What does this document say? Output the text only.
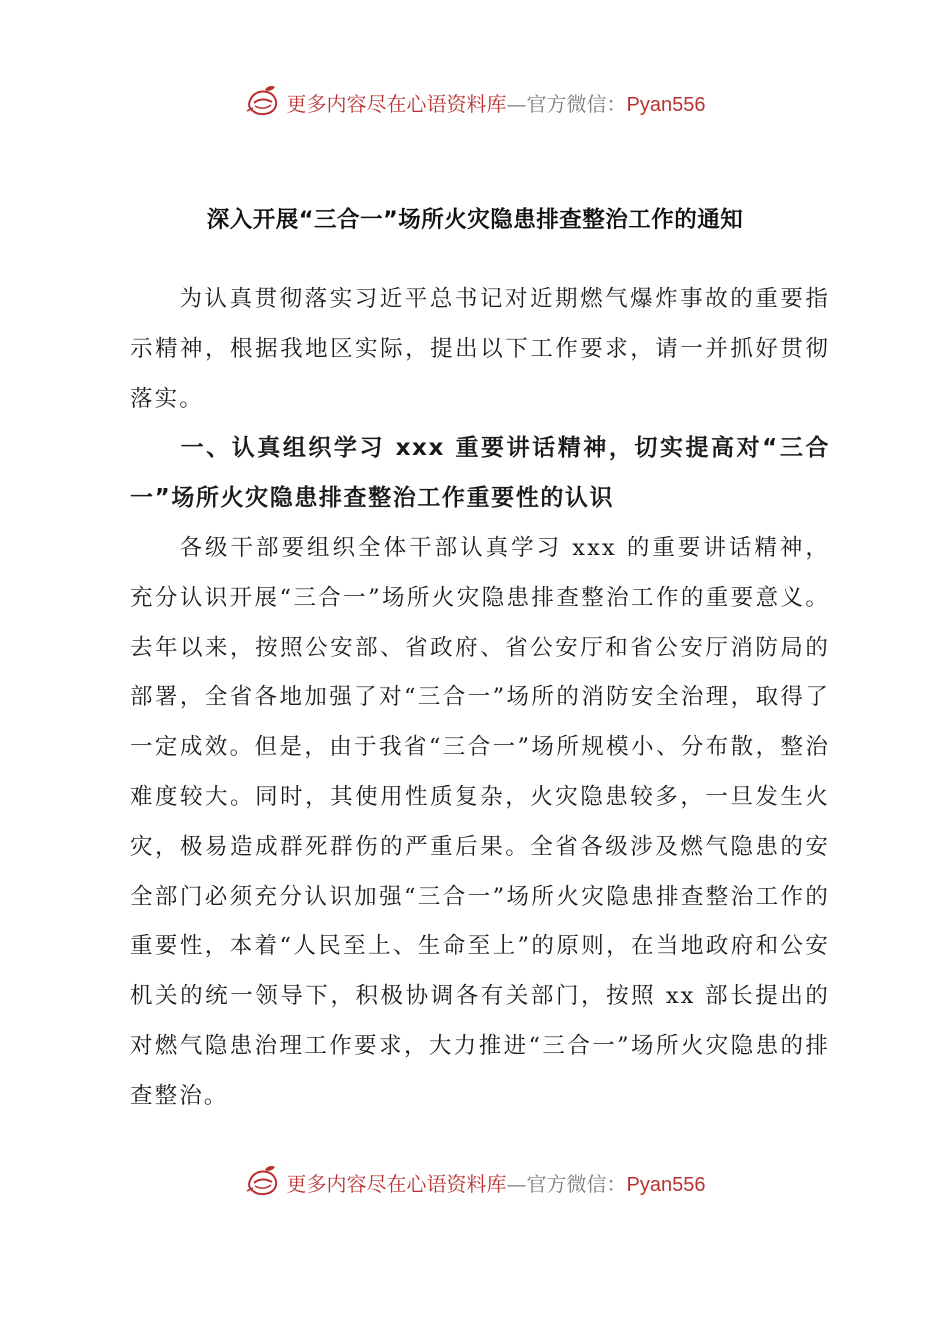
更多内容尽在心语资料库—官方微信：Pyan556
深入开展“三合一”场所火灾隐患排查整治工作的通知

为认真贯彻落实习近平总书记对近期燃气爆炸事故的重要指示精神，根据我地区实际，提出以下工作要求，请一并抓好贯彻落实。

一、认真组织学习 xxx 重要讲话精神，切实提高对“三合一”场所火灾隐患排查整治工作重要性的认识

各级干部要组织全体干部认真学习 xxx 的重要讲话精神，充分认识开展“三合一”场所火灾隐患排查整治工作的重要意义。去年以来，按照公安部、省政府、省公安厅和省公安厅消防局的部署，全省各地加强了对“三合一”场所的消防安全治理，取得了一定成效。但是，由于我省“三合一”场所规模小、分布散，整治难度较大。同时，其使用性质复杂，火灾隐患较多，一旦发生火灾，极易造成群死群伤的严重后果。全省各级涉及燃气隐患的安全部门必须充分认识加强“三合一”场所火灾隐患排查整治工作的重要性，本着“人民至上、生命至上”的原则，在当地政府和公安机关的统一领导下，积极协调各有关部门，按照 xx 部长提出的对燃气隐患治理工作要求，大力推进“三合一”场所火灾隐患的排查整治。

更多内容尽在心语资料库—官方微信：Pyan556
